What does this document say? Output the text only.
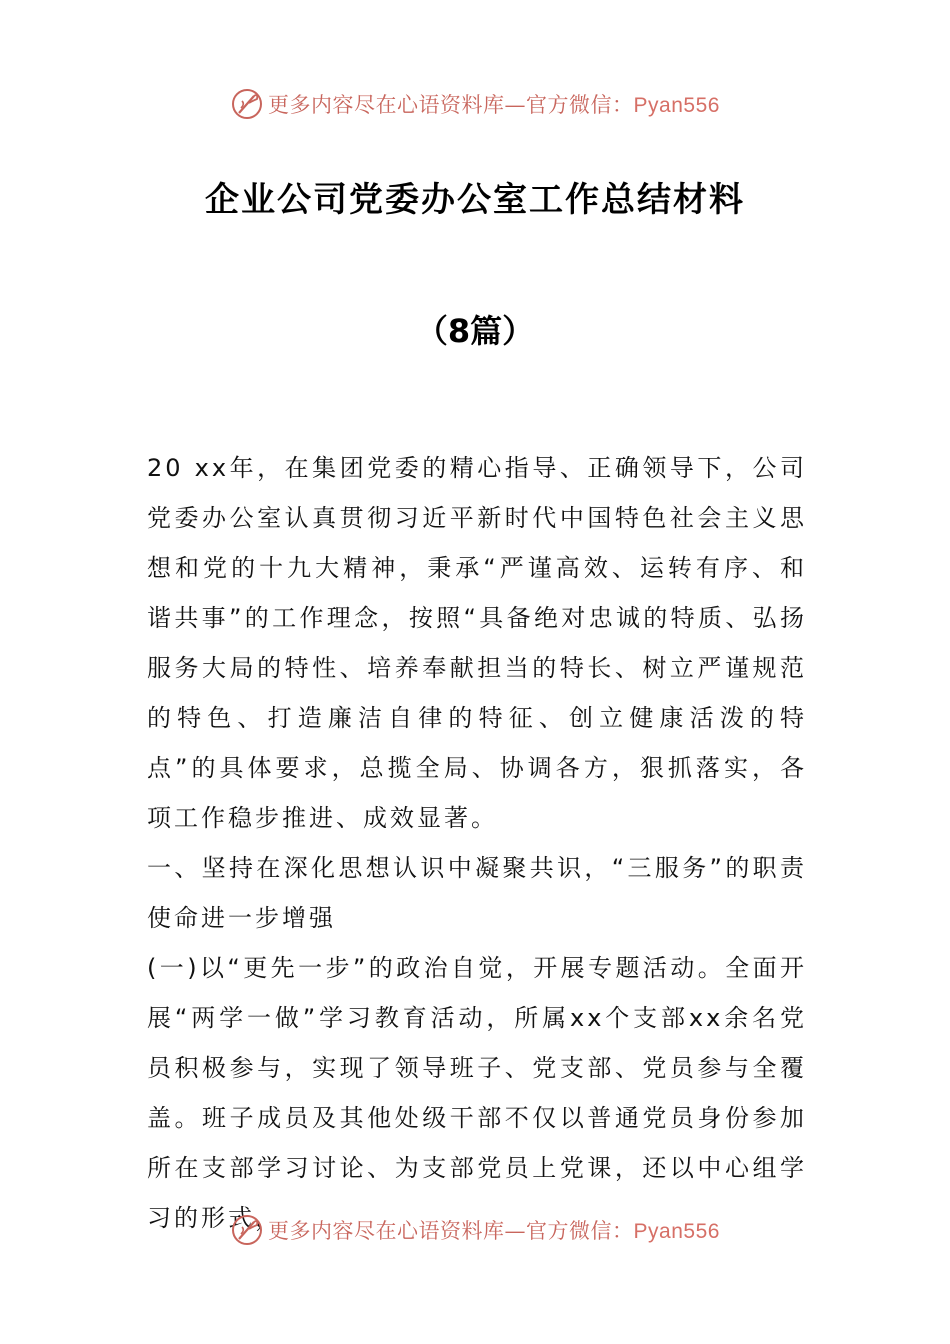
更多内容尽在心语资料库—官方微信：Pyan556
企业公司党委办公室工作总结材料
（8篇）

20 xx年，在集团党委的精心指导、正确领导下，公司党委办公室认真贯彻习近平新时代中国特色社会主义思想和党的十九大精神，秉承“严谨高效、运转有序、和谐共事”的工作理念，按照“具备绝对忠诚的特质、弘扬服务大局的特性、培养奉献担当的特长、树立严谨规范的特色、打造廉洁自律的特征、创立健康活泼的特点”的具体要求，总揽全局、协调各方，狠抓落实，各项工作稳步推进、成效显著。

一、坚持在深化思想认识中凝聚共识，“三服务”的职责使命进一步增强

(一)以“更先一步”的政治自觉，开展专题活动。全面开展“两学一做”学习教育活动，所属xx个支部xx余名党员积极参与，实现了领导班子、党支部、党员参与全覆盖。班子成员及其他处级干部不仅以普通党员身份参加所在支部学习讨论、为支部党员上党课，还以中心组学习的形式，

更多内容尽在心语资料库—官方微信：Pyan556
